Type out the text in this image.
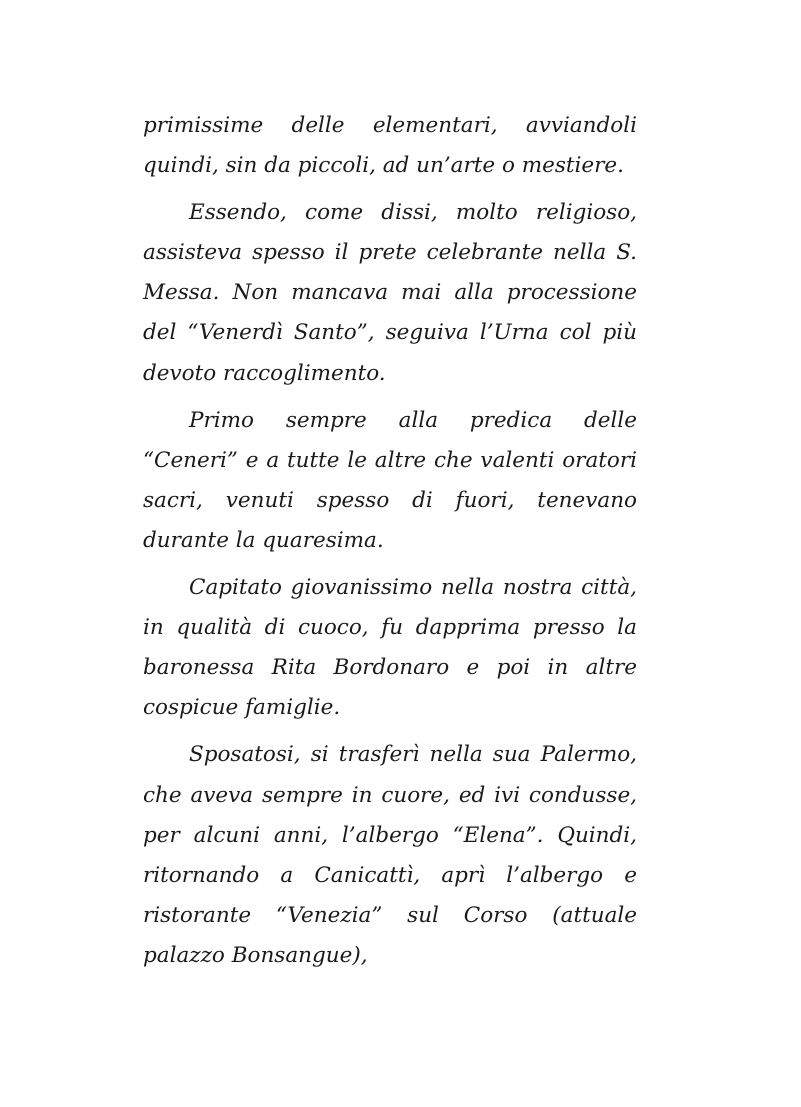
primissime delle elementari, avviandoli quindi, sin da piccoli, ad un’arte o mestiere.

Essendo, come dissi, molto religioso, assisteva spesso il prete celebrante nella S. Messa. Non mancava mai alla processione del “Venerdì Santo”, seguiva l’Urna col più devoto raccoglimento.

Primo sempre alla predica delle “Ceneri” e a tutte le altre che valenti oratori sacri, venuti spesso di fuori, tenevano durante la quaresima.

Capitato giovanissimo nella nostra città, in qualità di cuoco, fu dapprima presso la baronessa Rita Bordonaro e poi in altre cospicue famiglie.

Sposatosi, si trasferì nella sua Palermo, che aveva sempre in cuore, ed ivi condusse, per alcuni anni, l’albergo “Elena”. Quindi, ritornando a Canicattì, aprì l’albergo e ristorante “Venezia” sul Corso (attuale palazzo Bonsangue),
